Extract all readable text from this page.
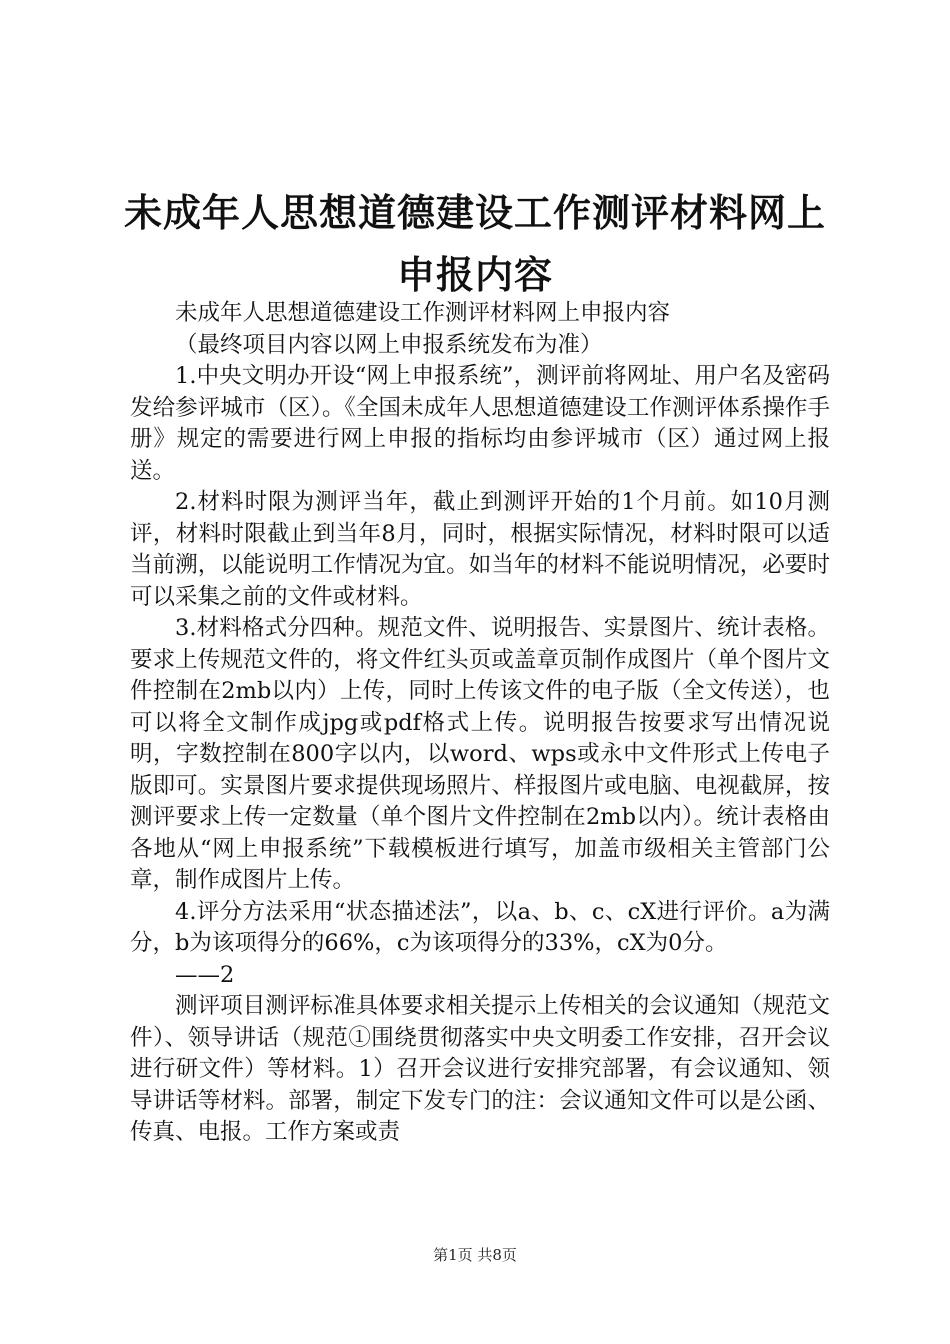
未成年人思想道德建设工作测评材料网上申报内容

未成年人思想道德建设工作测评材料网上申报内容

（最终项目内容以网上申报系统发布为准）

1.中央文明办开设“网上申报系统”，测评前将网址、用户名及密码发给参评城市（区）。《全国未成年人思想道德建设工作测评体系操作手册》规定的需要进行网上申报的指标均由参评城市（区）通过网上报送。

2.材料时限为测评当年，截止到测评开始的1个月前。如10月测评，材料时限截止到当年8月，同时，根据实际情况，材料时限可以适当前溯，以能说明工作情况为宜。如当年的材料不能说明情况，必要时可以采集之前的文件或材料。

3.材料格式分四种。规范文件、说明报告、实景图片、统计表格。要求上传规范文件的，将文件红头页或盖章页制作成图片（单个图片文件控制在2mb以内）上传，同时上传该文件的电子版（全文传送），也可以将全文制作成jpg或pdf格式上传。说明报告按要求写出情况说明，字数控制在800字以内，以word、wps或永中文件形式上传电子版即可。实景图片要求提供现场照片、样报图片或电脑、电视截屏，按测评要求上传一定数量（单个图片文件控制在2mb以内）。统计表格由各地从“网上申报系统”下载模板进行填写，加盖市级相关主管部门公章，制作成图片上传。

4.评分方法采用“状态描述法”，以a、b、c、cX进行评价。a为满分，b为该项得分的66%，c为该项得分的33%，cX为0分。

——2

测评项目测评标准具体要求相关提示上传相关的会议通知（规范文件）、领导讲话（规范①围绕贯彻落实中央文明委工作安排，召开会议进行研文件）等材料。1）召开会议进行安排究部署，有会议通知、领导讲话等材料。部署，制定下发专门的注：会议通知文件可以是公函、传真、电报。工作方案或责

第1页 共8页
